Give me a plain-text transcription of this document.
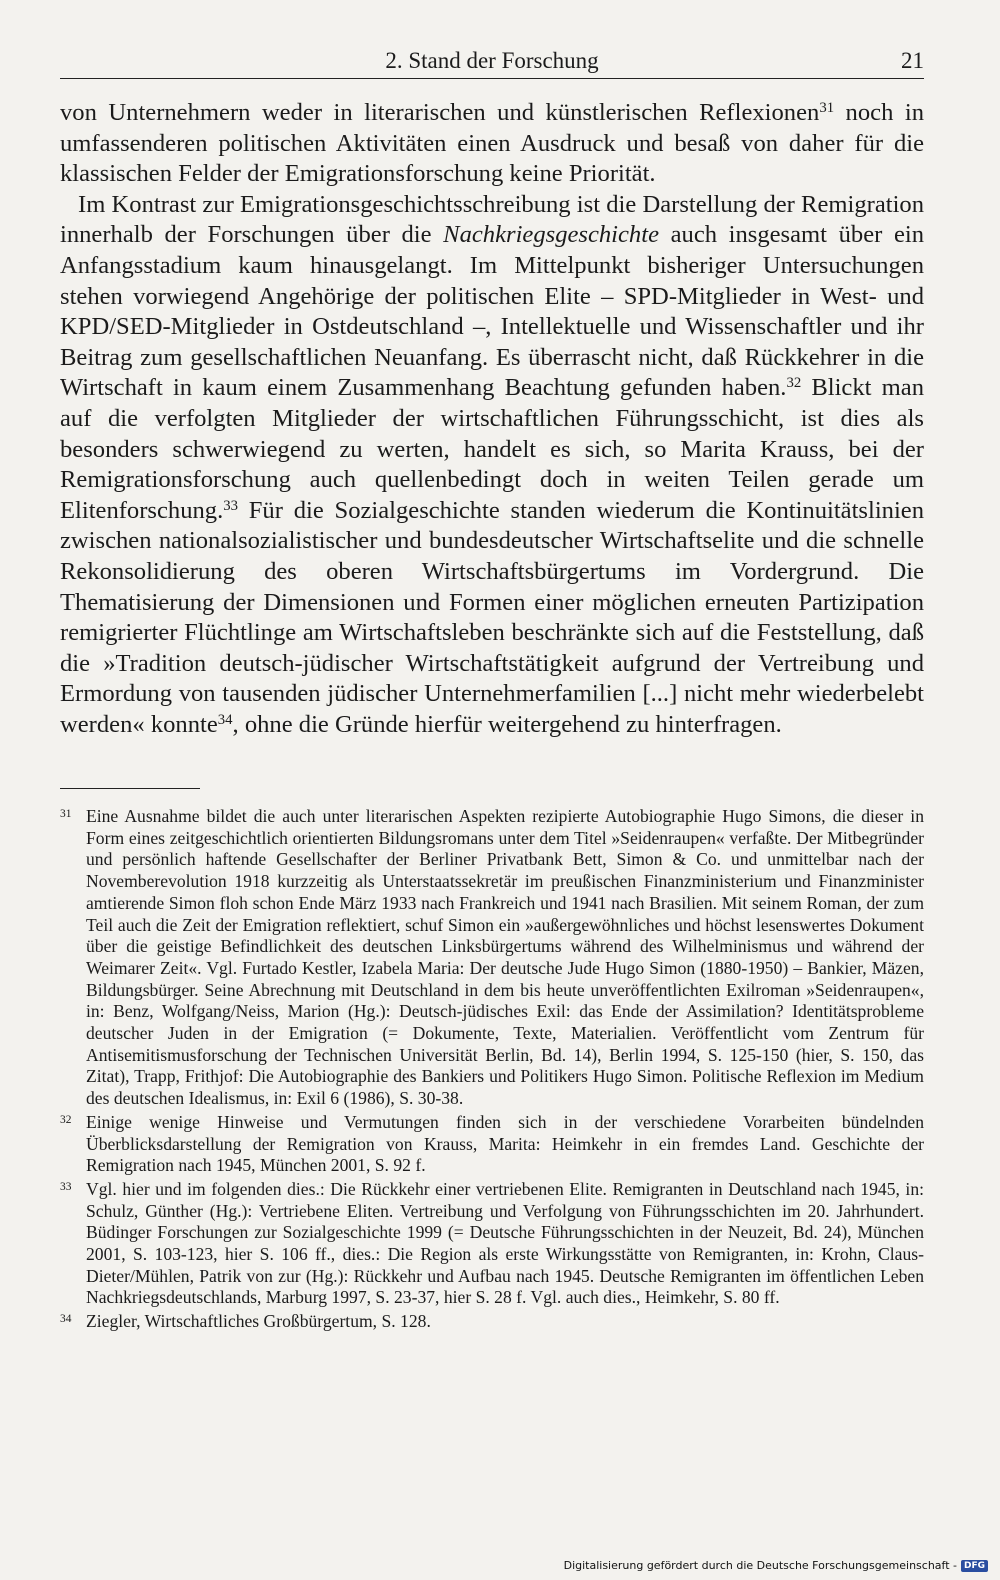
2. Stand der Forschung	21

von Unternehmern weder in literarischen und künstlerischen Reflexionen$^{31}$ noch in umfassenderen politischen Aktivitäten einen Ausdruck und besaß von daher für die klassischen Felder der Emigrationsforschung keine Priorität.

Im Kontrast zur Emigrationsgeschichtsschreibung ist die Darstellung der Remigration innerhalb der Forschungen über die Nachkriegsgeschichte auch insgesamt über ein Anfangsstadium kaum hinausgelangt. Im Mittelpunkt bisheriger Untersuchungen stehen vorwiegend Angehörige der politischen Elite – SPD-Mitglieder in West- und KPD/SED-Mitglieder in Ostdeutschland –, Intellektuelle und Wissenschaftler und ihr Beitrag zum gesellschaftlichen Neuanfang. Es überrascht nicht, daß Rückkehrer in die Wirtschaft in kaum einem Zusammenhang Beachtung gefunden haben.$^{32}$ Blickt man auf die verfolgten Mitglieder der wirtschaftlichen Führungsschicht, ist dies als besonders schwerwiegend zu werten, handelt es sich, so Marita Krauss, bei der Remigrationsforschung auch quellenbedingt doch in weiten Teilen gerade um Elitenforschung.$^{33}$ Für die Sozialgeschichte standen wiederum die Kontinuitätslinien zwischen nationalsozialistischer und bundesdeutscher Wirtschaftselite und die schnelle Rekonsolidierung des oberen Wirtschaftsbürgertums im Vordergrund. Die Thematisierung der Dimensionen und Formen einer möglichen erneuten Partizipation remigrierter Flüchtlinge am Wirtschaftsleben beschränkte sich auf die Feststellung, daß die »Tradition deutsch-jüdischer Wirtschaftstätigkeit aufgrund der Vertreibung und Ermordung von tausenden jüdischer Unternehmerfamilien [...] nicht mehr wiederbelebt werden« konnte$^{34}$, ohne die Gründe hierfür weitergehend zu hinterfragen.

31 Eine Ausnahme bildet die auch unter literarischen Aspekten rezipierte Autobiographie Hugo Simons, die dieser in Form eines zeitgeschichtlich orientierten Bildungsromans unter dem Titel »Seidenraupen« verfaßte. Der Mitbegründer und persönlich haftende Gesellschafter der Berliner Privatbank Bett, Simon & Co. und unmittelbar nach der Novemberevolution 1918 kurzzeitig als Unterstaatssekretär im preußischen Finanzministerium und Finanzminister amtierende Simon floh schon Ende März 1933 nach Frankreich und 1941 nach Brasilien. Mit seinem Roman, der zum Teil auch die Zeit der Emigration reflektiert, schuf Simon ein »außergewöhnliches und höchst lesenswertes Dokument über die geistige Befindlichkeit des deutschen Linksbürgertums während des Wilhelminismus und während der Weimarer Zeit«. Vgl. Furtado Kestler, Izabela Maria: Der deutsche Jude Hugo Simon (1880-1950) – Bankier, Mäzen, Bildungsbürger. Seine Abrechnung mit Deutschland in dem bis heute unveröffentlichten Exilroman »Seidenraupen«, in: Benz, Wolfgang/Neiss, Marion (Hg.): Deutsch-jüdisches Exil: das Ende der Assimilation? Identitätsprobleme deutscher Juden in der Emigration (= Dokumente, Texte, Materialien. Veröffentlicht vom Zentrum für Antisemitismusforschung der Technischen Universität Berlin, Bd. 14), Berlin 1994, S. 125-150 (hier, S. 150, das Zitat), Trapp, Frithjof: Die Autobiographie des Bankiers und Politikers Hugo Simon. Politische Reflexion im Medium des deutschen Idealismus, in: Exil 6 (1986), S. 30-38.
32 Einige wenige Hinweise und Vermutungen finden sich in der verschiedene Vorarbeiten bündelnden Überblicksdarstellung der Remigration von Krauss, Marita: Heimkehr in ein fremdes Land. Geschichte der Remigration nach 1945, München 2001, S. 92 f.
33 Vgl. hier und im folgenden dies.: Die Rückkehr einer vertriebenen Elite. Remigranten in Deutschland nach 1945, in: Schulz, Günther (Hg.): Vertriebene Eliten. Vertreibung und Verfolgung von Führungsschichten im 20. Jahrhundert. Büdinger Forschungen zur Sozialgeschichte 1999 (= Deutsche Führungsschichten in der Neuzeit, Bd. 24), München 2001, S. 103-123, hier S. 106 ff., dies.: Die Region als erste Wirkungsstätte von Remigranten, in: Krohn, Claus-Dieter/Mühlen, Patrik von zur (Hg.): Rückkehr und Aufbau nach 1945. Deutsche Remigranten im öffentlichen Leben Nachkriegsdeutschlands, Marburg 1997, S. 23-37, hier S. 28 f. Vgl. auch dies., Heimkehr, S. 80 ff.
34 Ziegler, Wirtschaftliches Großbürgertum, S. 128.
Digitalisierung gefördert durch die Deutsche Forschungsgemeinschaft - DFG
